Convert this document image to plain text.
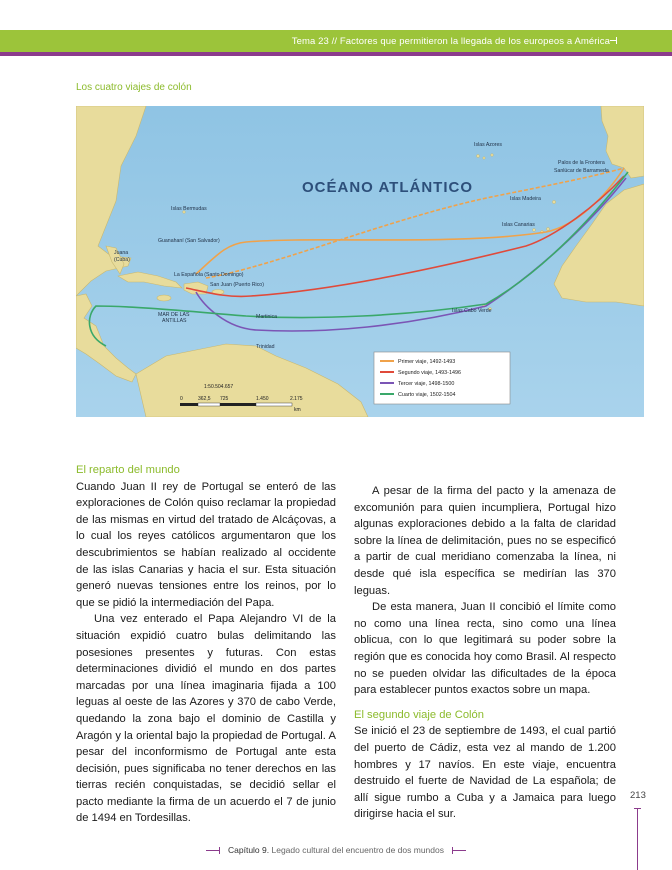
Tema 23 // Factores que permitieron la llegada de los europeos a América
Los cuatro viajes de colón
OCÉANO ATLÁNTICO
Islas Azores
Palos de la Frontera
Sanlúcar de Barrameda
Islas Madeira
Islas Canarias
Islas Bermudas
Guanahaní (San Salvador)
Juana
(Cuba)
La Española (Santo Domingo)
San Juan (Puerto Rico)
MAR DE LAS
ANTILLAS
Martinica
Trinidad
Islas Cabo Verde
Primer viaje, 1492-1493
Segundo viaje, 1493-1496
Tercer viaje, 1498-1500
Cuarto viaje, 1502-1504
1:50.504.657
0	362,5 725	1.450	2.175
km
El reparto del mundo

Cuando Juan II rey de Portugal se enteró de las exploraciones de Colón quiso reclamar la propiedad de las mismas en virtud del tratado de Alcáçovas, a lo cual los reyes católicos argumentaron que los descubrimientos se habían realizado al occidente de las islas Canarias y hacia el sur. Esta situación generó nuevas tensiones entre los reinos, por lo que se pidió la intermediación del Papa.

Una vez enterado el Papa Alejandro VI de la situación expidió cuatro bulas delimitando las posesiones presentes y futuras. Con estas determinaciones dividió el mundo en dos partes marcadas por una línea imaginaria fijada a 100 leguas al oeste de las Azores y 370 de cabo Verde, quedando la zona bajo el dominio de Castilla y Aragón y la oriental bajo la propiedad de Portugal. A pesar del inconformismo de Portugal ante esta decisión, pues significaba no tener derechos en las tierras recién conquistadas, se decidió sellar el pacto mediante la firma de un acuerdo el 7 de junio de 1494 en Tordesillas.

A pesar de la firma del pacto y la amenaza de excomunión para quien incumpliera, Portugal hizo algunas exploraciones debido a la falta de claridad sobre la línea de delimitación, pues no se especificó a partir de cual meridiano comenzaba la línea, ni desde qué isla específica se medirían las 370 leguas.

De esta manera, Juan II concibió el límite como no como una línea recta, sino como una línea oblicua, con lo que legitimará su poder sobre la región que es conocida hoy como Brasil. Al respecto no se pueden olvidar las dificultades de la época para establecer puntos exactos sobre un mapa.

El segundo viaje de Colón

Se inició el 23 de septiembre de 1493, el cual partió del puerto de Cádiz, esta vez al mando de 1.200 hombres y 17 navíos. En este viaje, encuentra destruido el fuerte de Navidad de La española; de allí sigue rumbo a Cuba y a Jamaica para luego dirigirse hacia el sur.

213
Capítulo 9. Legado cultural del encuentro de dos mundos
